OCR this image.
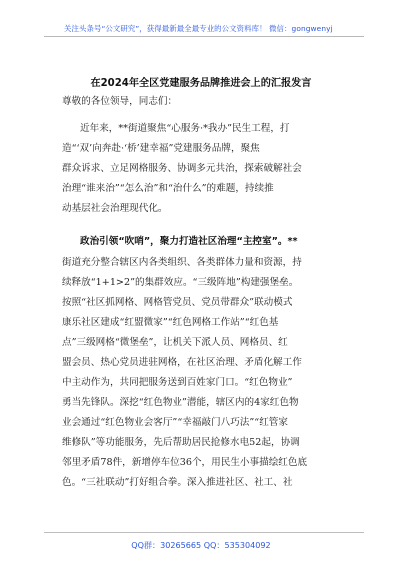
关注头条号“公文研究”，获得最新最全最专业的公文资料库！ 微信：gongwenyj
在2024年全区党建服务品牌推进会上的汇报发言
尊敬的各位领导，同志们：
近年来，**街道聚焦“心服务·*我办”民生工程，打
造“‘双’向奔赴·‘桥’建幸福”党建服务品牌，聚焦
群众诉求、立足网格服务、协调多元共治，探索破解社会
治理“谁来治”“怎么治”和“治什么”的难题，持续推
动基层社会治理现代化。
政治引领“吹哨”，聚力打造社区治理“主控室”。**
街道充分整合辖区内各类组织、各类群体力量和资源，持
续释放“1+1>2”的集群效应。“三级阵地”构建强堡垒。
按照“社区抓网格、网格管党员、党员带群众”联动模式
康乐社区建成“红盟微家”“红色网格工作站”“红色基
点”三级网格“微堡垒”，让机关下派人员、网格员、红
盟会员、热心党员进驻网格，在社区治理、矛盾化解工作
中主动作为，共同把服务送到百姓家门口。“红色物业”
勇当先锋队。深挖“红色物业”潜能，辖区内的4家红色物
业会通过“红色物业会客厅”“幸福敲门八巧法”“红管家
维修队”等功能服务，先后帮助居民抢修水电52起，协调
邻里矛盾78件，新增停车位36个，用民生小事描绘红色底
色。“三社联动”打好组合拳。深入推进社区、社工、社
QQ群：30265665 QQ：535304092
